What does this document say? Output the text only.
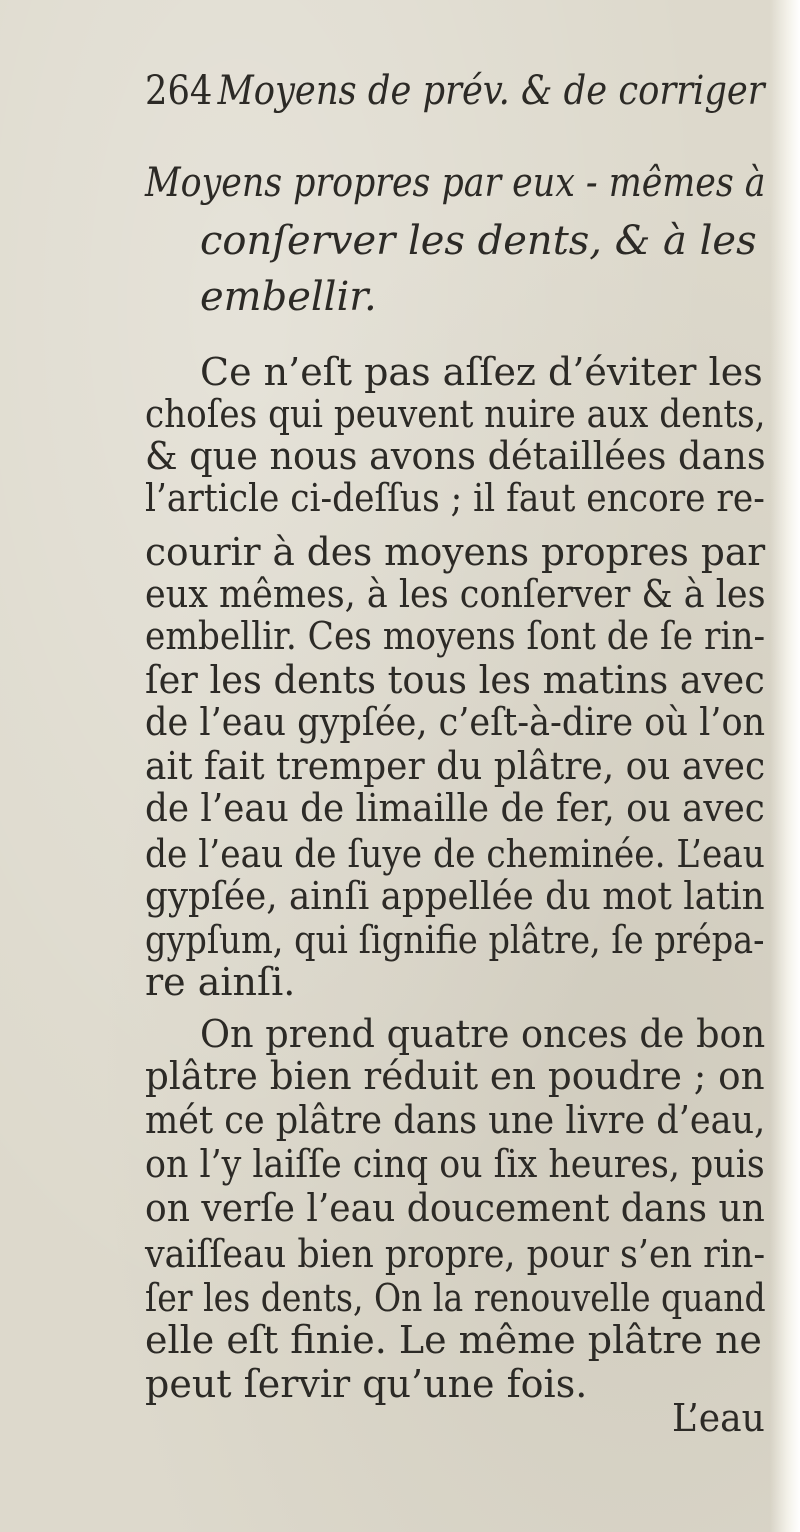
264 Moyens de prév. & de corriger
Moyens propres par eux - mêmes à
conſerver les dents, & à les
embellir.
Ce n’eſt pas aſſez d’éviter les
choſes qui peuvent nuire aux dents,
& que nous avons détaillées dans
l’article ci-deſſus ; il faut encore re-
courir à des moyens propres par
eux mêmes, à les conſerver & à les
embellir. Ces moyens ſont de ſe rin-
ſer les dents tous les matins avec
de l’eau gypſée, c’eſt-à-dire où l’on
ait fait tremper du plâtre, ou avec
de l’eau de limaille de fer, ou avec
de l’eau de ſuye de cheminée. L’eau
gypſée, ainſi appellée du mot latin
gypſum, qui ſignifie plâtre, ſe prépa-
re ainſi.
On prend quatre onces de bon
plâtre bien réduit en poudre ; on
mét ce plâtre dans une livre d’eau,
on l’y laiſſe cinq ou ſix heures, puis
on verſe l’eau doucement dans un
vaiſſeau bien propre, pour s’en rin-
ſer les dents, On la renouvelle quand
elle eſt finie. Le même plâtre ne
peut ſervir qu’une fois.
L’eau
